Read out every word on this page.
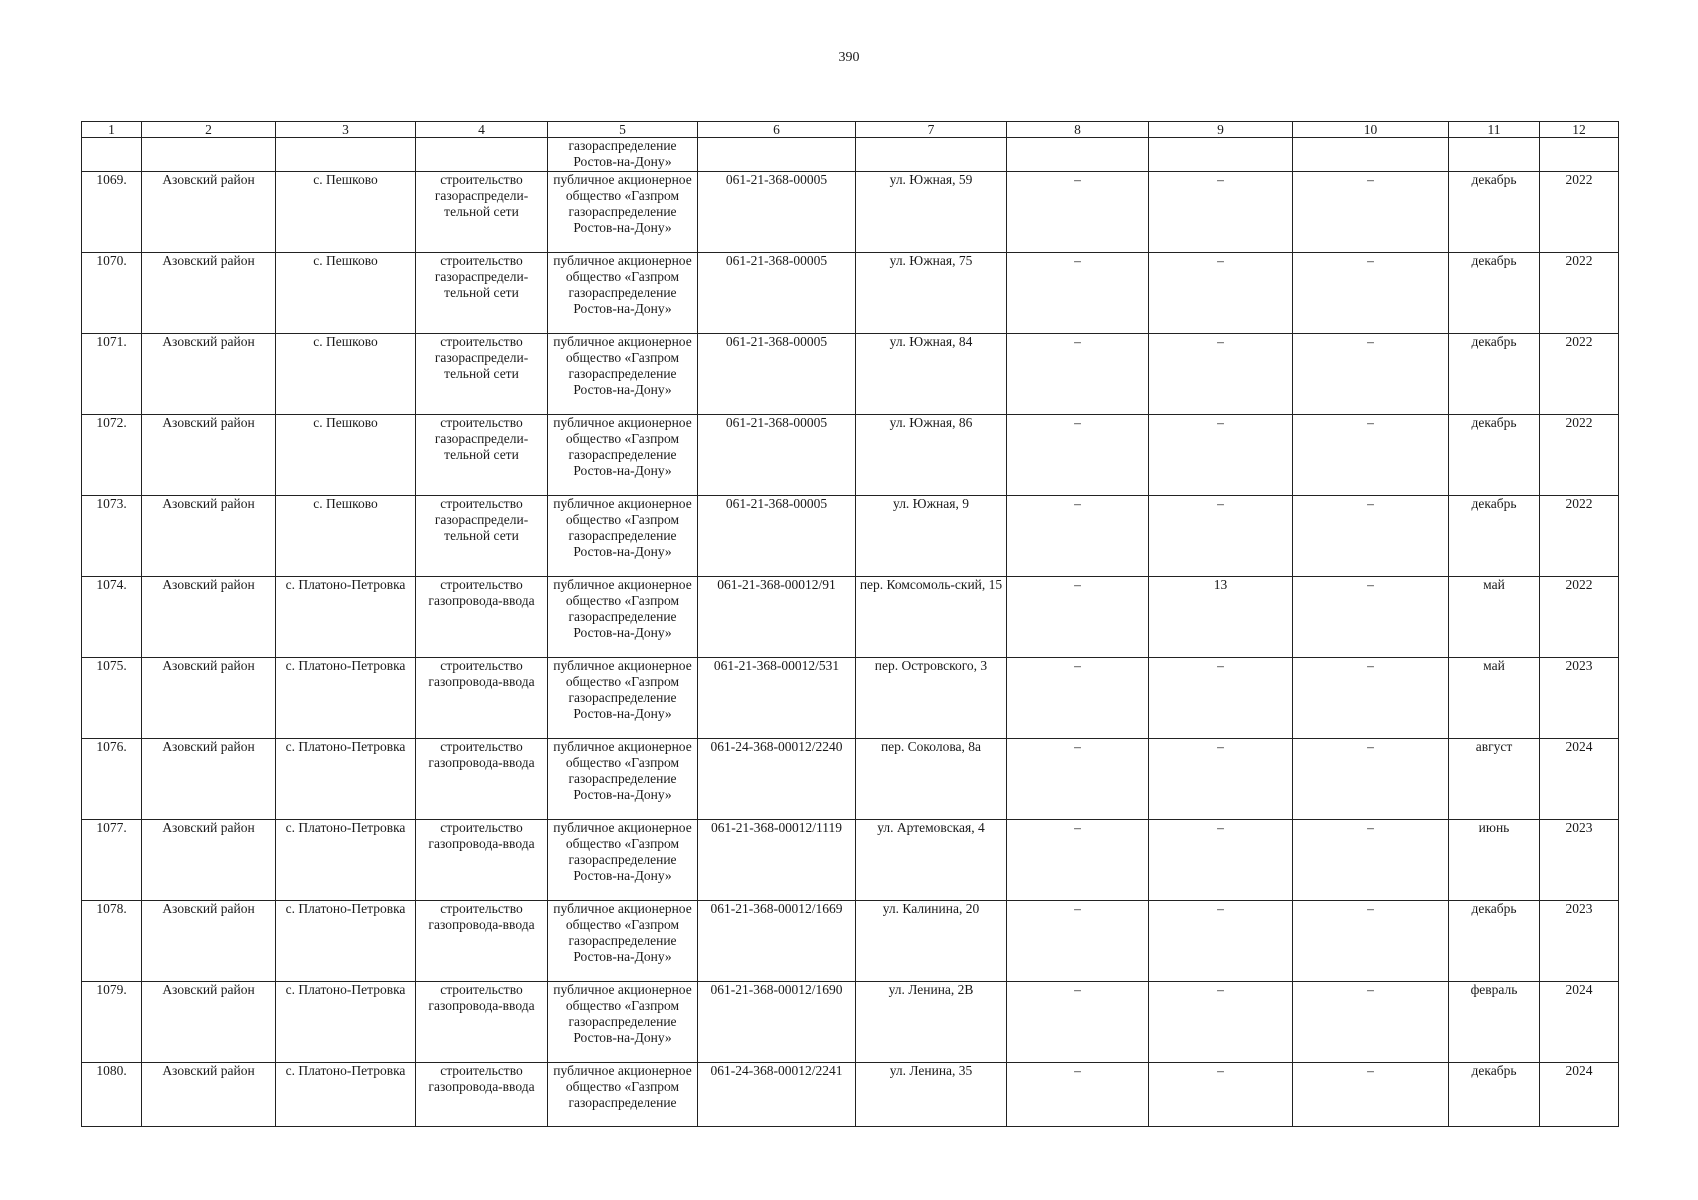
390
1	2	3	4	5	6	7	8	9	10	11	12
				газораспределение Ростов-на-Дону»							
1069.	Азовский район	с. Пешково	строительство газораспредели-тельной сети	публичное акционерное общество «Газпром газораспределение Ростов-на-Дону»	061-21-368-00005	ул. Южная, 59	–	–	–	декабрь	2022
1070.	Азовский район	с. Пешково	строительство газораспредели-тельной сети	публичное акционерное общество «Газпром газораспределение Ростов-на-Дону»	061-21-368-00005	ул. Южная, 75	–	–	–	декабрь	2022
1071.	Азовский район	с. Пешково	строительство газораспредели-тельной сети	публичное акционерное общество «Газпром газораспределение Ростов-на-Дону»	061-21-368-00005	ул. Южная, 84	–	–	–	декабрь	2022
1072.	Азовский район	с. Пешково	строительство газораспредели-тельной сети	публичное акционерное общество «Газпром газораспределение Ростов-на-Дону»	061-21-368-00005	ул. Южная, 86	–	–	–	декабрь	2022
1073.	Азовский район	с. Пешково	строительство газораспредели-тельной сети	публичное акционерное общество «Газпром газораспределение Ростов-на-Дону»	061-21-368-00005	ул. Южная, 9	–	–	–	декабрь	2022
1074.	Азовский район	с. Платоно-Петровка	строительство газопровода-ввода	публичное акционерное общество «Газпром газораспределение Ростов-на-Дону»	061-21-368-00012/91	пер. Комсомоль-ский, 15	–	13	–	май	2022
1075.	Азовский район	с. Платоно-Петровка	строительство газопровода-ввода	публичное акционерное общество «Газпром газораспределение Ростов-на-Дону»	061-21-368-00012/531	пер. Островского, 3	–	–	–	май	2023
1076.	Азовский район	с. Платоно-Петровка	строительство газопровода-ввода	публичное акционерное общество «Газпром газораспределение Ростов-на-Дону»	061-24-368-00012/2240	пер. Соколова, 8а	–	–	–	август	2024
1077.	Азовский район	с. Платоно-Петровка	строительство газопровода-ввода	публичное акционерное общество «Газпром газораспределение Ростов-на-Дону»	061-21-368-00012/1119	ул. Артемовская, 4	–	–	–	июнь	2023
1078.	Азовский район	с. Платоно-Петровка	строительство газопровода-ввода	публичное акционерное общество «Газпром газораспределение Ростов-на-Дону»	061-21-368-00012/1669	ул. Калинина, 20	–	–	–	декабрь	2023
1079.	Азовский район	с. Платоно-Петровка	строительство газопровода-ввода	публичное акционерное общество «Газпром газораспределение Ростов-на-Дону»	061-21-368-00012/1690	ул. Ленина, 2В	–	–	–	февраль	2024
1080.	Азовский район	с. Платоно-Петровка	строительство газопровода-ввода	публичное акционерное общество «Газпром газораспределение	061-24-368-00012/2241	ул. Ленина, 35	–	–	–	декабрь	2024
